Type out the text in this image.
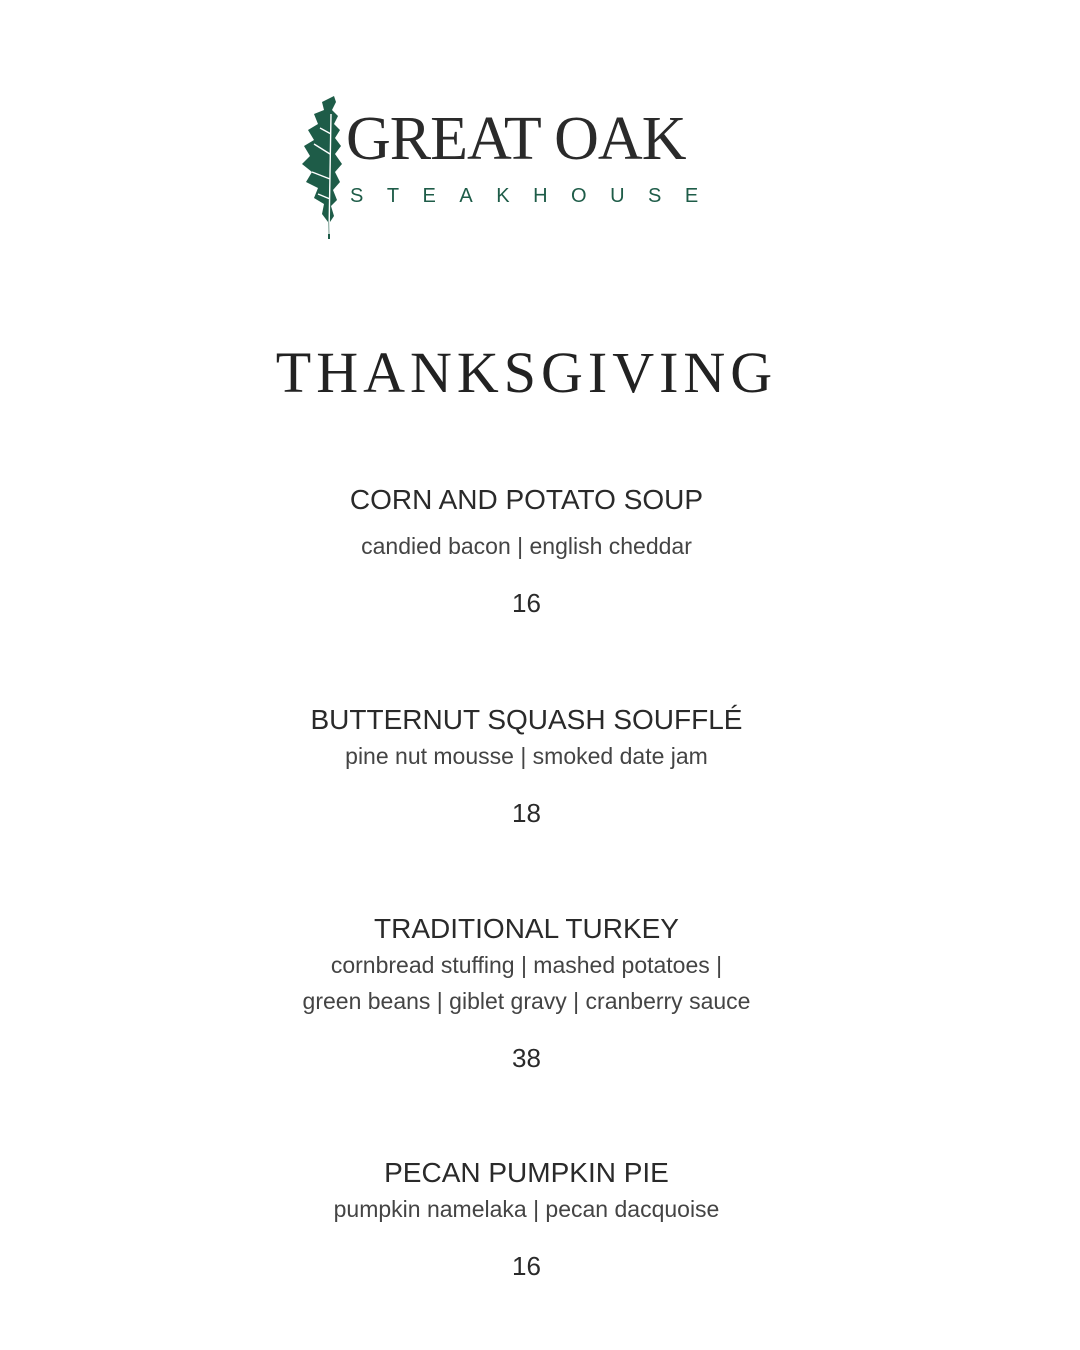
GREAT OAK
STEAKHOUSE
THANKSGIVING
CORN AND POTATO SOUP
candied bacon | english cheddar
16
BUTTERNUT SQUASH SOUFFLÉ
pine nut mousse | smoked date jam
18
TRADITIONAL TURKEY
cornbread stuffing | mashed potatoes |
green beans | giblet gravy | cranberry sauce
38
PECAN PUMPKIN PIE
pumpkin namelaka | pecan dacquoise
16
